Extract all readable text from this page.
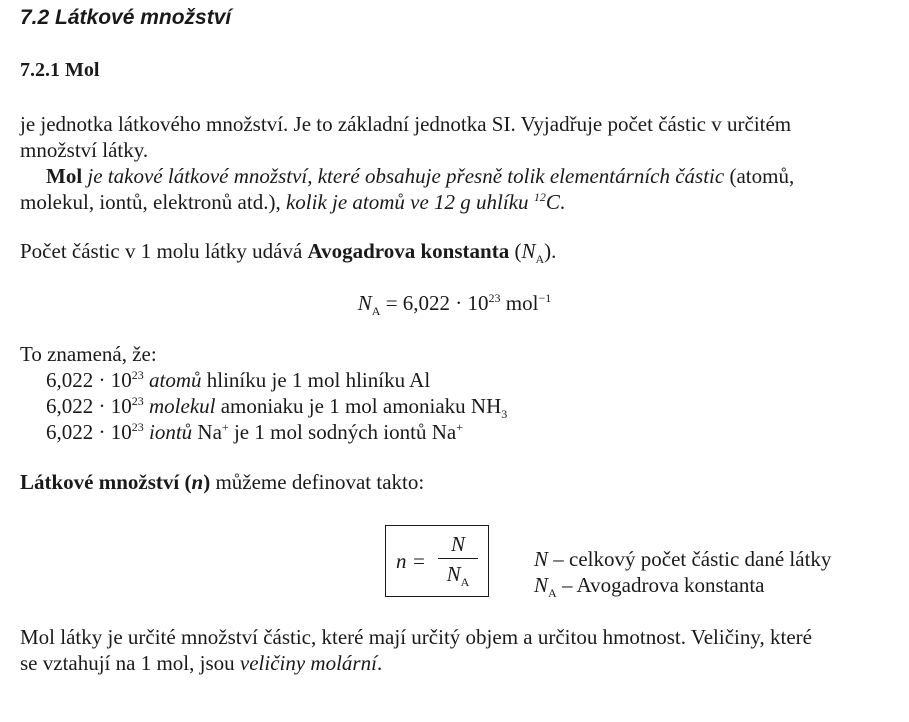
7.2 Látkové množství
7.2.1 Mol
je jednotka látkového množství. Je to základní jednotka SI. Vyjadřuje počet částic v určitém
množství látky.
Mol je takové látkové množství, které obsahuje přesně tolik elementárních částic (atomů,
molekul, iontů, elektronů atd.), kolik je atomů ve 12 g uhlíku $^{12}$C.
Počet částic v 1 molu látky udává Avogadrova konstanta $(N_A)$.
$N_A = 6,022 \cdot 10^{23}$ mol$^{-1}$
To znamená, že:
$6,022 \cdot 10^{23}$ atomů hliníku je 1 mol hliníku Al
$6,022 \cdot 10^{23}$ molekul amoniaku je 1 mol amoniaku $NH_3$
$6,022 \cdot 10^{23}$ iontů Na+ je 1 mol sodných iontů Na+
Látkové množství (n) můžeme definovat takto:
n =
N
$N_A$
N – celkový počet částic dané látky
$N_A$ – Avogadrova konstanta
Mol látky je určité množství částic, které mají určitý objem a určitou hmotnost. Veličiny, které
se vztahují na 1 mol, jsou veličiny molární.
